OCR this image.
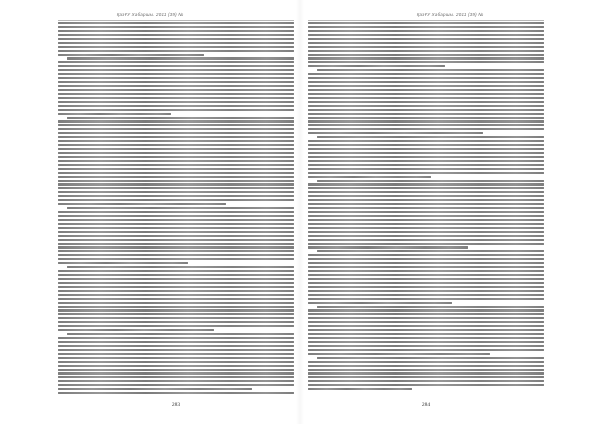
ҚазҰУ Хабаршы. 2011 (39) №
283
ҚазҰУ Хабаршы. 2011 (39) №
284
